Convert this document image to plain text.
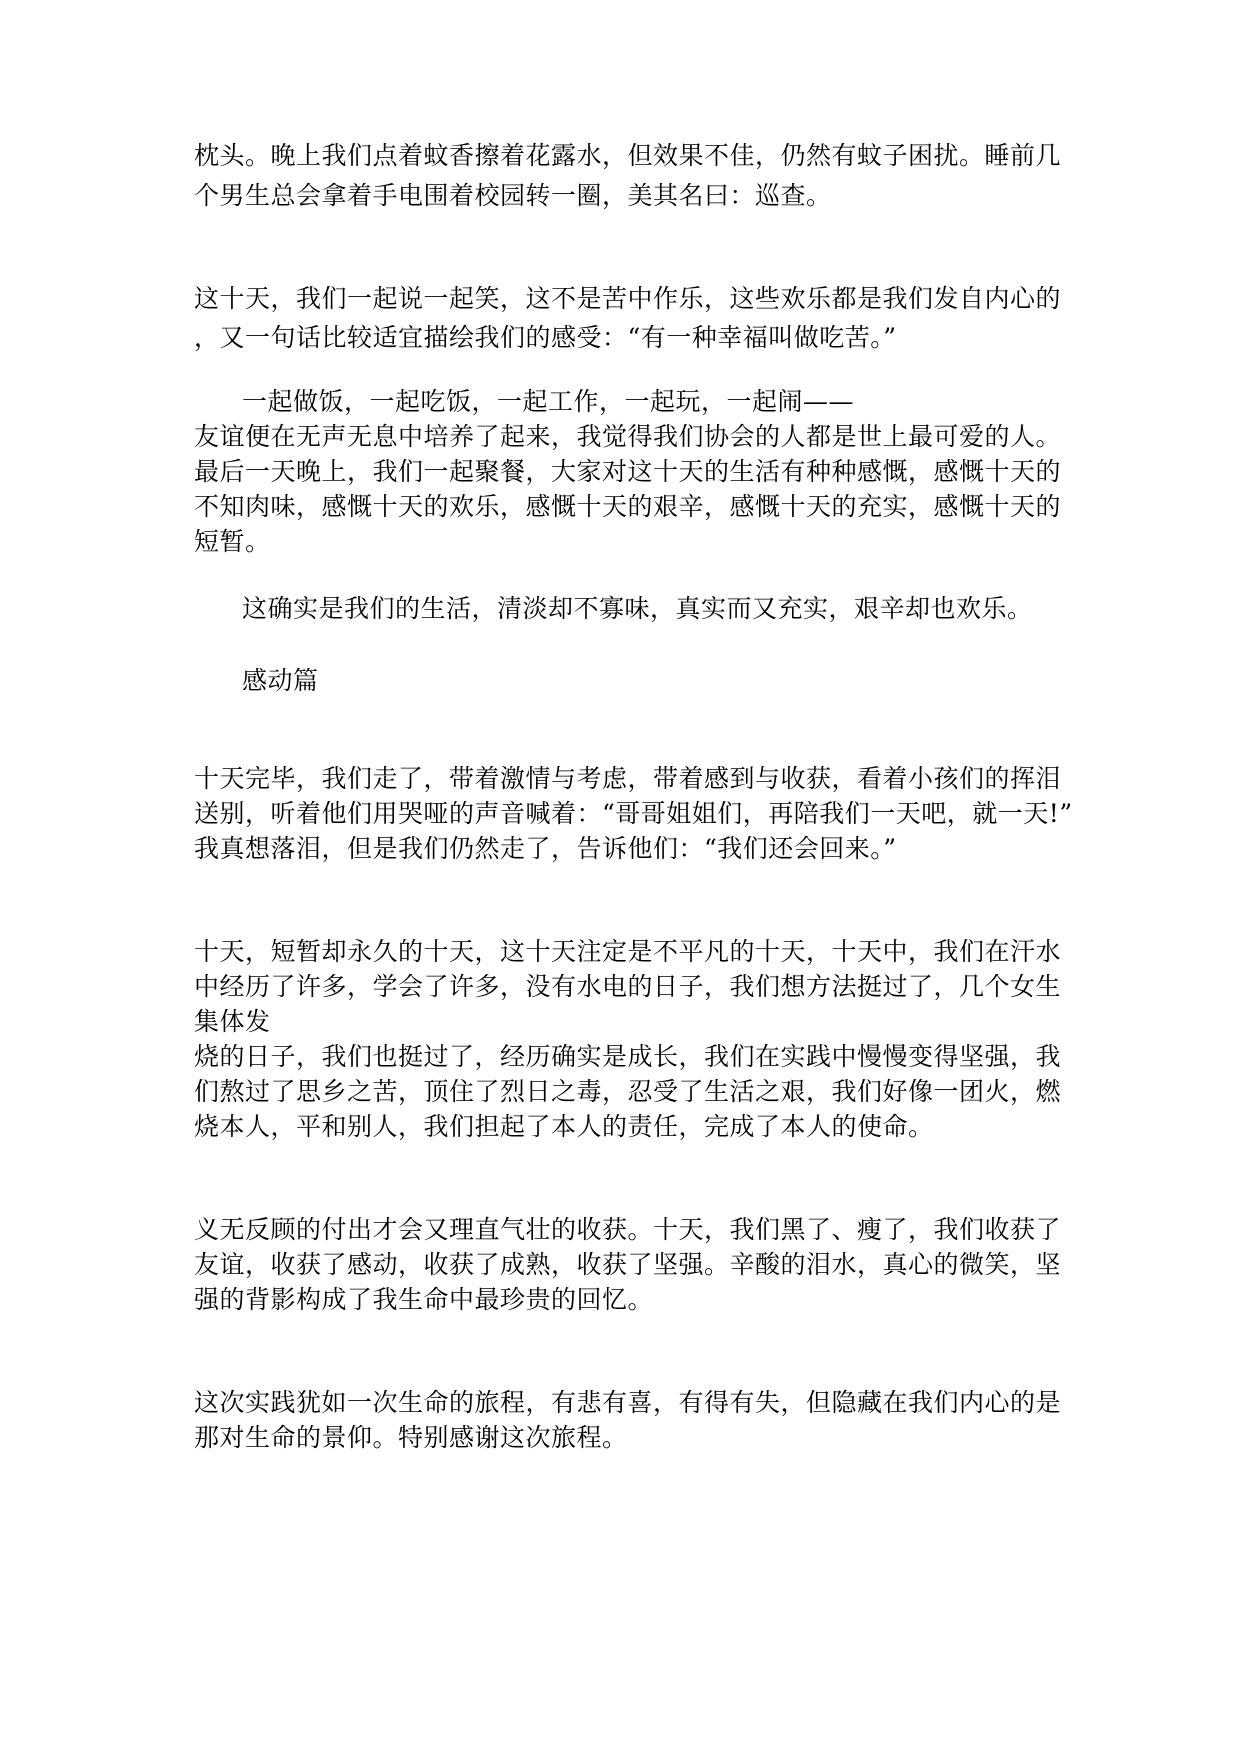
枕头。晚上我们点着蚊香擦着花露水，但效果不佳，仍然有蚊子困扰。睡前几
个男生总会拿着手电围着校园转一圈，美其名曰：巡查。
这十天，我们一起说一起笑，这不是苦中作乐，这些欢乐都是我们发自内心的
，又一句话比较适宜描绘我们的感受：“有一种幸福叫做吃苦。”
一起做饭，一起吃饭，一起工作，一起玩，一起闹——
友谊便在无声无息中培养了起来，我觉得我们协会的人都是世上最可爱的人。
最后一天晚上，我们一起聚餐，大家对这十天的生活有种种感慨，感慨十天的
不知肉味，感慨十天的欢乐，感慨十天的艰辛，感慨十天的充实，感慨十天的
短暂。
这确实是我们的生活，清淡却不寡味，真实而又充实，艰辛却也欢乐。
感动篇
十天完毕，我们走了，带着激情与考虑，带着感到与收获，看着小孩们的挥泪
送别，听着他们用哭哑的声音喊着：“哥哥姐姐们，再陪我们一天吧，就一天!”
我真想落泪，但是我们仍然走了，告诉他们：“我们还会回来。”
十天，短暂却永久的十天，这十天注定是不平凡的十天，十天中，我们在汗水
中经历了许多，学会了许多，没有水电的日子，我们想方法挺过了，几个女生
集体发
烧的日子，我们也挺过了，经历确实是成长，我们在实践中慢慢变得坚强，我
们熬过了思乡之苦，顶住了烈日之毒，忍受了生活之艰，我们好像一团火，燃
烧本人，平和别人，我们担起了本人的责任，完成了本人的使命。
义无反顾的付出才会又理直气壮的收获。十天，我们黑了、瘦了，我们收获了
友谊，收获了感动，收获了成熟，收获了坚强。辛酸的泪水，真心的微笑，坚
强的背影构成了我生命中最珍贵的回忆。
这次实践犹如一次生命的旅程，有悲有喜，有得有失，但隐藏在我们内心的是
那对生命的景仰。特别感谢这次旅程。
